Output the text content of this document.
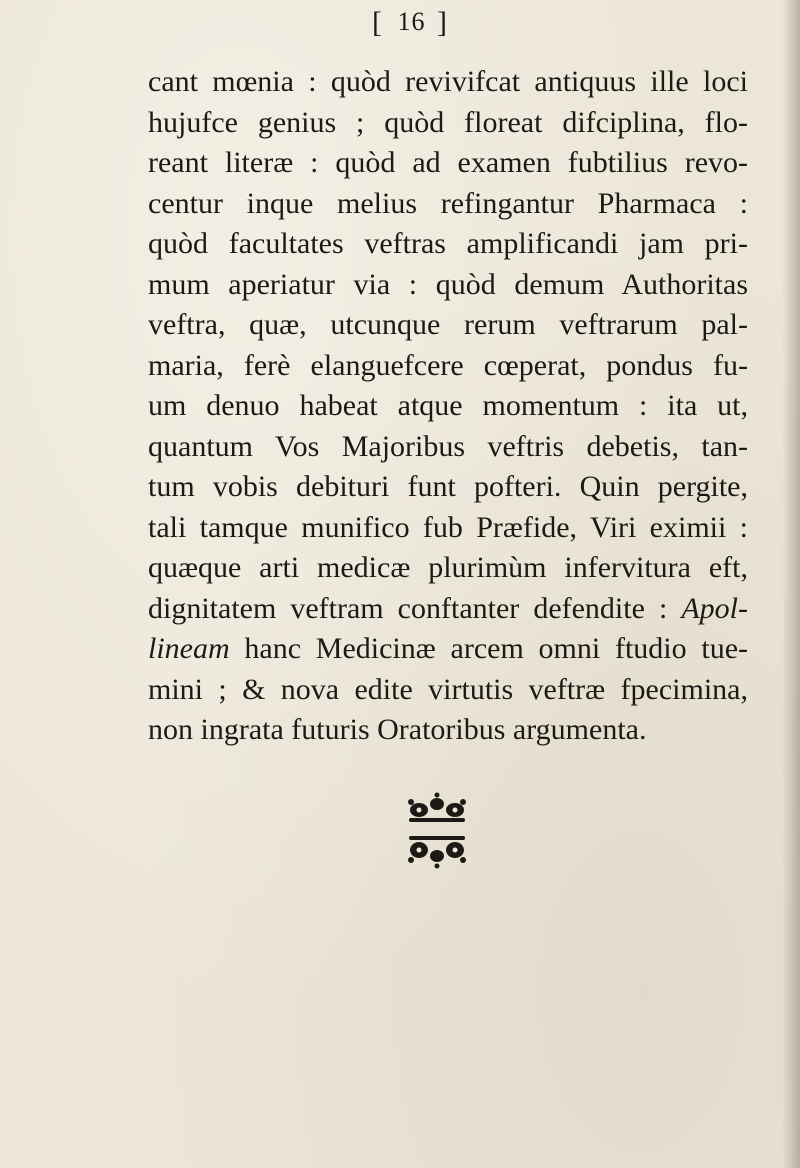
[ 16 ]
cant mœnia : quòd revivifcat antiquus ille loci
hujufce genius ; quòd floreat difciplina, flo-
reant literæ : quòd ad examen fubtilius revo-
centur inque melius refingantur Pharmaca :
quòd facultates veftras amplificandi jam pri-
mum aperiatur via : quòd demum Authoritas
veftra, quæ, utcunque rerum veftrarum pal-
maria, ferè elanguefcere cœperat, pondus fu-
um denuo habeat atque momentum : ita ut,
quantum Vos Majoribus veftris debetis, tan-
tum vobis debituri funt pofteri. Quin pergite,
tali tamque munifico fub Præfide, Viri eximii :
quæque arti medicæ plurimùm infervitura eft,
dignitatem veftram conftanter defendite : Apol-
lineam hanc Medicinæ arcem omni ftudio tue-
mini ; & nova edite virtutis veftræ fpecimina,
non ingrata futuris Oratoribus argumenta.
